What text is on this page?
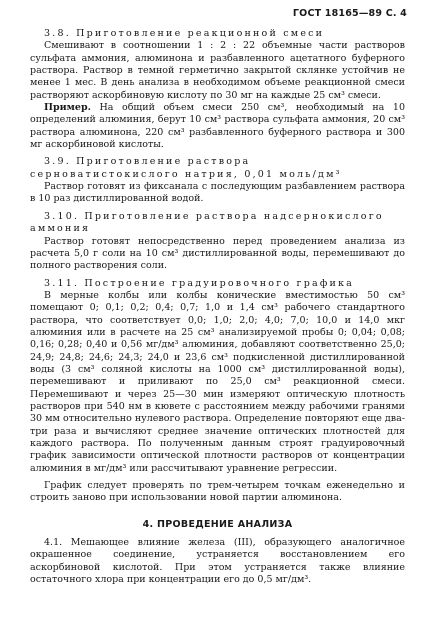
ГОСТ 18165—89 С. 4

3.8. Приготовление реакционной смеси

Смешивают в соотношении 1 : 2 : 22 объемные части растворов сульфата аммония, алюминона и разбавленного ацетатного буферного раствора. Раствор в темной герметично закрытой склянке устойчив не менее 1 мес. В день анализа в необходимом объеме реакционной смеси растворяют аскорбиновую кислоту по 30 мг на каждые 25 см³ смеси.

Пример. На общий объем смеси 250 см³, необходимый на 10 определений алюминия, берут 10 см³ раствора сульфата аммония, 20 см³ раствора алюминона, 220 см³ разбавленного буферного раствора и 300 мг аскорбиновой кислоты.

3.9. Приготовление раствора серноватистокислого натрия, 0,01 моль/дм³

Раствор готовят из фиксанала с последующим разбавлением раствора в 10 раз дистиллированной водой.

3.10. Приготовление раствора надсернокислого аммония

Раствор готовят непосредственно перед проведением анализа из расчета 5,0 г соли на 10 см³ дистиллированной воды, перемешивают до полного растворения соли.

3.11. Построение градуировочного графика

В мерные колбы или колбы конические вместимостью 50 см³ помещают 0; 0,1; 0,2; 0,4; 0,7; 1,0 и 1,4 см³ рабочего стандартного раствора, что соответствует 0,0; 1,0; 2,0; 4,0; 7,0; 10,0 и 14,0 мкг алюминия или в расчете на 25 см³ анализируемой пробы 0; 0,04; 0,08; 0,16; 0,28; 0,40 и 0,56 мг/дм³ алюминия, добавляют соответственно 25,0; 24,9; 24,8; 24,6; 24,3; 24,0 и 23,6 см³ подкисленной дистиллированной воды (3 см³ соляной кислоты на 1000 см³ дистиллированной воды), перемешивают и приливают по 25,0 см³ реакционной смеси. Перемешивают и через 25—30 мин измеряют оптическую плотность растворов при 540 нм в кювете с расстоянием между рабочими гранями 30 мм относительно нулевого раствора. Определение повторяют еще два-три раза и вычисляют среднее значение оптических плотностей для каждого раствора. По полученным данным строят градуировочный график зависимости оптической плотности растворов от концентрации алюминия в мг/дм³ или рассчитывают уравнение регрессии.

График следует проверять по трем-четырем точкам еженедельно и строить заново при использовании новой партии алюминона.

4. ПРОВЕДЕНИЕ АНАЛИЗА

4.1. Мешающее влияние железа (III), образующего аналогичное окрашенное соединение, устраняется восстановлением его аскорбиновой кислотой. При этом устраняется также влияние остаточного хлора при концентрации его до 0,5 мг/дм³.
